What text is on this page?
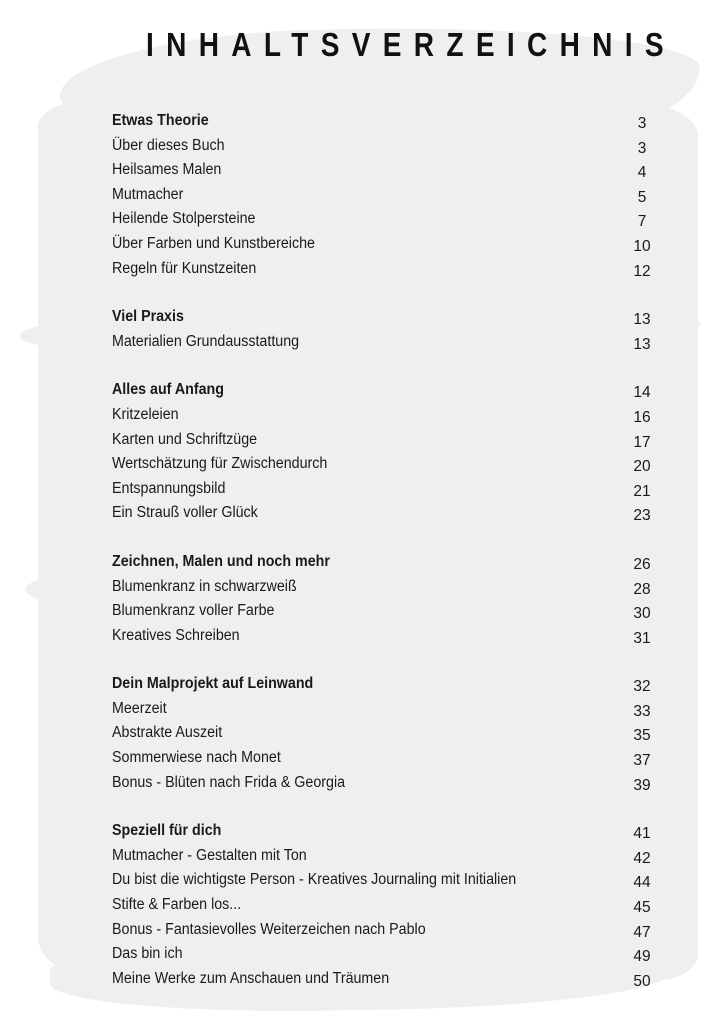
INHALTSVERZEICHNIS
Etwas Theorie	3
Über dieses Buch	3
Heilsames Malen	4
Mutmacher	5
Heilende Stolpersteine	7
Über Farben und Kunstbereiche	10
Regeln für Kunstzeiten	12
Viel Praxis	13
Materialien Grundausstattung	13
Alles auf Anfang	14
Kritzeleien	16
Karten und Schriftzüge	17
Wertschätzung für Zwischendurch	20
Entspannungsbild	21
Ein Strauß voller Glück	23
Zeichnen, Malen und noch mehr	26
Blumenkranz in schwarzweiß	28
Blumenkranz voller Farbe	30
Kreatives Schreiben	31
Dein Malprojekt auf Leinwand	32
Meerzeit	33
Abstrakte Auszeit	35
Sommerwiese nach Monet	37
Bonus - Blüten nach Frida & Georgia	39
Speziell für dich	41
Mutmacher - Gestalten mit Ton	42
Du bist die wichtigste Person - Kreatives Journaling mit Initialien	44
Stifte & Farben los...	45
Bonus - Fantasievolles Weiterzeichen nach Pablo	47
Das bin ich	49
Meine Werke zum Anschauen und Träumen	50
